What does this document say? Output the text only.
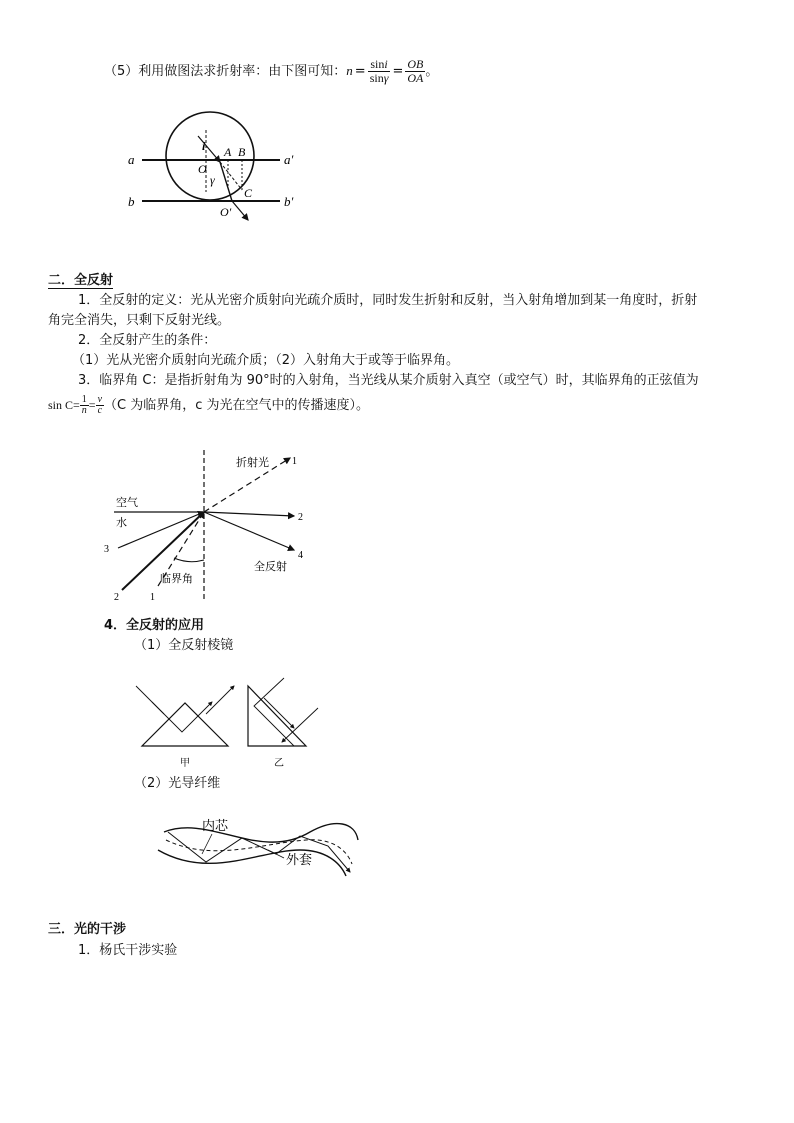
（5）利用做图法求折射率：由下图可知：$n = \frac{\sin i}{\sin\gamma} = \frac{OB}{OA}$ 。
a	a′
b	b′
i A B
O
γ
C
O′
二．全反射
1．全反射的定义：光从光密介质射向光疏介质时，同时发生折射和反射，当入射角增加到某一角度时，折射
角完全消失，只剩下反射光线。
2．全反射产生的条件：
（1）光从光密介质射向光疏介质；（2）入射角大于或等于临界角。
3．临界角 C：是指折射角为 90°时的入射角，当光线从某介质射入真空（或空气）时，其临界角的正弦值为
$\sin C= \frac{1}{n} = \frac{v}{c} (C$ 为临界角，c 为光在空气中的传播速度）。
折射光 1
空气
水	2
3
4
全反射
临界角
2	1
4．全反射的应用
（1）全反射棱镜
甲	乙
（2）光导纤维
内芯
外套
三．光的干涉
1．杨氏干涉实验
